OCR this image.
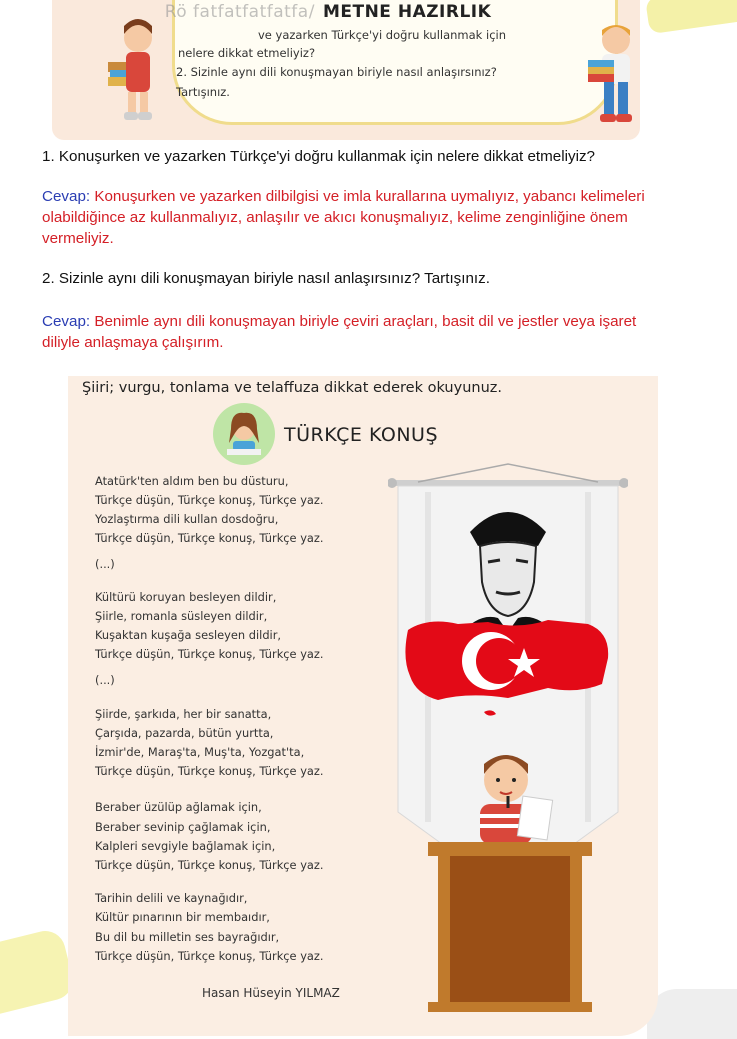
Rö fatfatfatfatfa/ METNE HAZIRLIK
ve yazarken Türkçe'yi doğru kullanmak için
nelere dikkat etmeliyiz?
2. Sizinle aynı dili konuşmayan biriyle nasıl anlaşırsınız?
Tartışınız.
1. Konuşurken ve yazarken Türkçe'yi doğru kullanmak için nelere dikkat etmeliyiz?
Cevap: Konuşurken ve yazarken dilbilgisi ve imla kurallarına uymalıyız, yabancı kelimeleri
olabildiğince az kullanmalıyız, anlaşılır ve akıcı konuşmalıyız, kelime zenginliğine önem
vermeliyiz.
2. Sizinle aynı dili konuşmayan biriyle nasıl anlaşırsınız? Tartışınız.
Cevap: Benimle aynı dili konuşmayan biriyle çeviri araçları, basit dil ve jestler veya işaret
diliyle anlaşmaya çalışırım.
Şiiri; vurgu, tonlama ve telaffuza dikkat ederek okuyunuz.
TÜRKÇE KONUŞ
Atatürk'ten aldım ben bu düsturu,
Türkçe düşün, Türkçe konuş, Türkçe yaz.
Yozlaştırma dili kullan dosdoğru,
Türkçe düşün, Türkçe konuş, Türkçe yaz.
(...)
Kültürü koruyan besleyen dildir,
Şiirle, romanla süsleyen dildir,
Kuşaktan kuşağa sesleyen dildir,
Türkçe düşün, Türkçe konuş, Türkçe yaz.
(...)
Şiirde, şarkıda, her bir sanatta,
Çarşıda, pazarda, bütün yurtta,
İzmir'de, Maraş'ta, Muş'ta, Yozgat'ta,
Türkçe düşün, Türkçe konuş, Türkçe yaz.
Beraber üzülüp ağlamak için,
Beraber sevinip çağlamak için,
Kalpleri sevgiyle bağlamak için,
Türkçe düşün, Türkçe konuş, Türkçe yaz.
Tarihin delili ve kaynağıdır,
Kültür pınarının bir membaıdır,
Bu dil bu milletin ses bayrağıdır,
Türkçe düşün, Türkçe konuş, Türkçe yaz.
Hasan Hüseyin YILMAZ
